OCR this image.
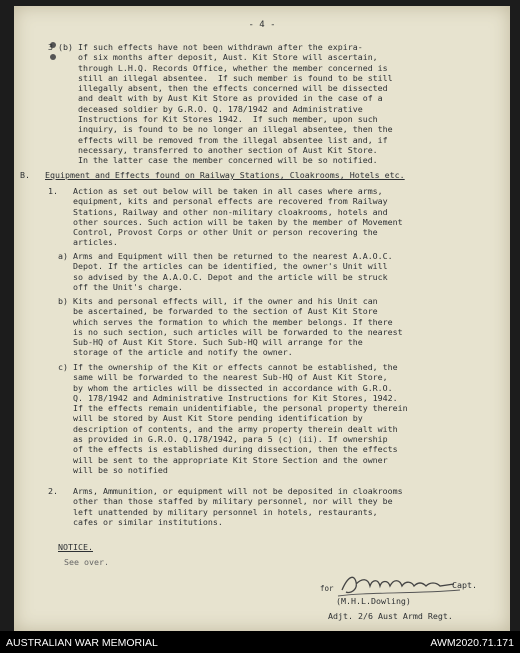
- 4 -
3 (b) If such effects have not been withdrawn after the expira-
of six months after deposit, Aust. Kit Store will ascertain,
through L.H.Q. Records Office, whether the member concerned is
still an illegal absentee.  If such member is found to be still
illegally absent, then the effects concerned will be dissected
and dealt with by Aust Kit Store as provided in the case of a
deceased soldier by G.R.O. Q. 178/1942 and Administrative
Instructions for Kit Stores 1942.  If such member, upon such
inquiry, is found to be no longer an illegal absentee, then the
effects will be removed from the illegal absentee list and, if
necessary, transferred to another section of Aust Kit Store.
In the latter case the member concerned will be so notified.
B. Equipment and Effects found on Railway Stations, Cloakrooms, Hotels etc.
1.   Action as set out below will be taken in all cases where arms,
equipment, kits and personal effects are recovered from Railway
Stations, Railway and other non-military cloakrooms, hotels and
other sources. Such action will be taken by the member of Movement
Control, Provost Corps or other Unit or person recovering the
articles.
a) Arms and Equipment will then be returned to the nearest A.A.O.C.
Depot. If the articles can be identified, the owner's Unit will
so advised by the A.A.O.C. Depot and the article will be struck
off the Unit's charge.
b) Kits and personal effects will, if the owner and his Unit can
be ascertained, be forwarded to the section of Aust Kit Store
which serves the formation to which the member belongs. If there
is no such section, such articles will be forwarded to the nearest
Sub-HQ of Aust Kit Store. Such Sub-HQ will arrange for the
storage of the article and notify the owner.
c) If the ownership of the Kit or effects cannot be established, the
same will be forwarded to the nearest Sub-HQ of Aust Kit Store,
by whom the articles will be dissected in accordance with G.R.O.
Q. 178/1942 and Administrative Instructions for Kit Stores, 1942.
If the effects remain unidentifiable, the personal property therein
will be stored by Aust Kit Store pending identification by
description of contents, and the army property therein dealt with
as provided in G.R.O. Q.178/1942, para 5 (c) (ii). If ownership
of the effects is established during dissection, then the effects
will be sent to the appropriate Kit Store Section and the owner
will be so notified
2.   Arms, Ammunition, or equipment will not be deposited in cloakrooms
other than those staffed by military personnel, nor will they be
left unattended by military personnel in hotels, restaurants,
cafes or similar institutions.
NOTICE.
See over.
for	Capt.
(M.H.L.Dowling)
Adjt. 2/6 Aust Armd Regt.
AUSTRALIAN WAR MEMORIAL	AWM2020.71.171
